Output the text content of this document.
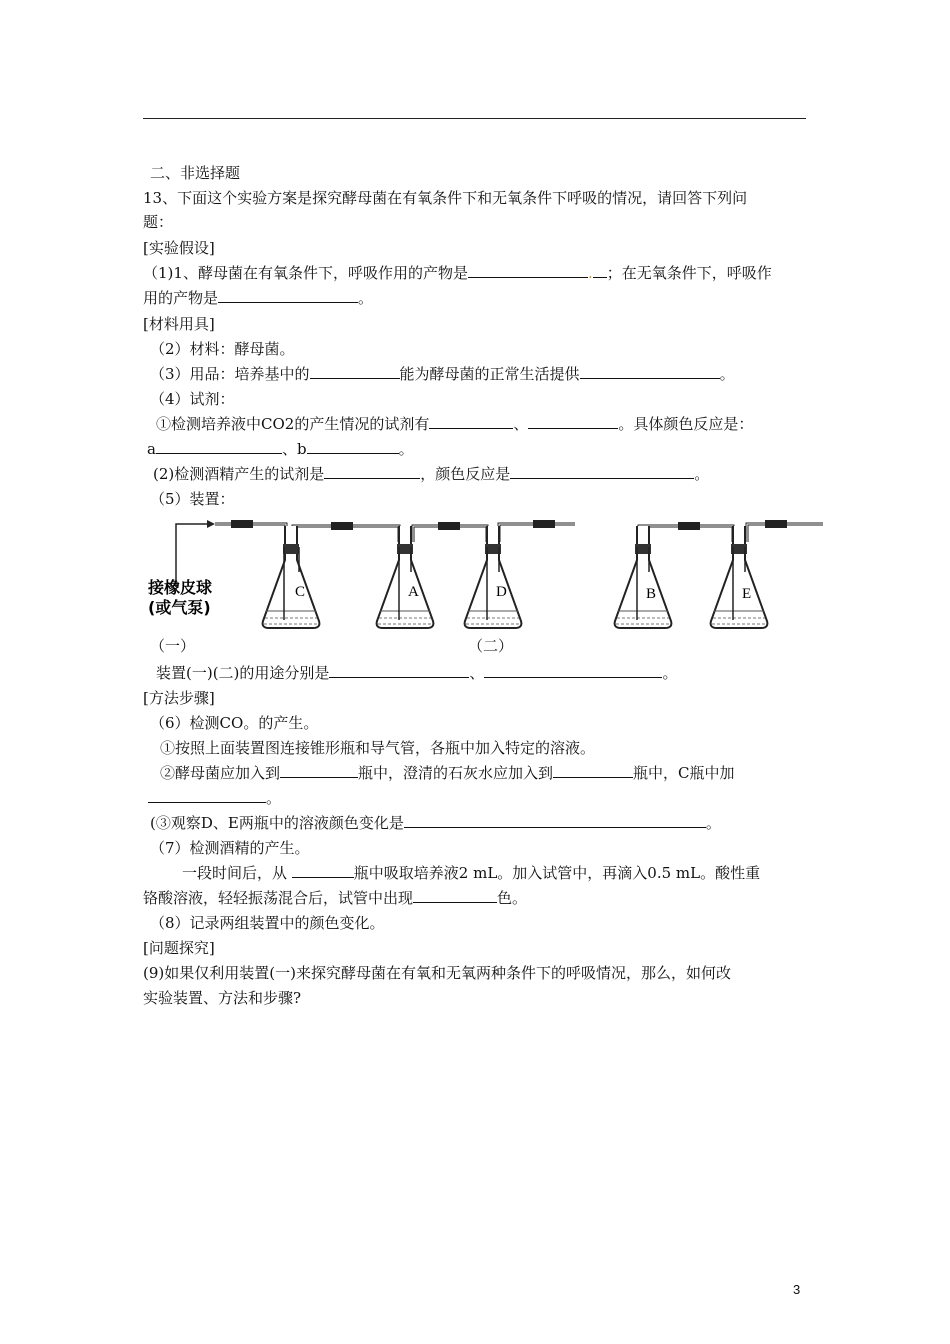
二、非选择题
13、下面这个实验方案是探究酵母菌在有氧条件下和无氧条件下呼吸的情况，请回答下列问
题：
[实验假设]
（1)1、酵母菌在有氧条件下，呼吸作用的产物是	. ；在无氧条件下，呼吸作
用的产物是	。
[材料用具]
（2）材料：酵母菌。
（3）用品：培养基中的	能为酵母菌的正常生活提供	。
（4）试剂：
①检测培养液中CO2的产生情况的试剂有	、	。具体颜色反应是：
a	、b	。
(2)检测酒精产生的试剂是	，颜色反应是	。
（5）装置：
C	A	D	B	E
接橡皮球
(或气泵)
（一）	（二）
装置(一)(二)的用途分别是	、	。
[方法步骤]
（6）检测CO。的产生。
①按照上面装置图连接锥形瓶和导气管，各瓶中加入特定的溶液。
②酵母菌应加入到	瓶中，澄清的石灰水应加入到	瓶中，C瓶中加
。
(③观察D、E两瓶中的溶液颜色变化是	。
（7）检测酒精的产生。
一段时间后，从	瓶中吸取培养液2 mL。加入试管中，再滴入0.5 mL。酸性重
铬酸溶液，轻轻振荡混合后，试管中出现	色。
（8）记录两组装置中的颜色变化。
[问题探究]
(9)如果仅利用装置(一)来探究酵母菌在有氧和无氧两种条件下的呼吸情况，那么，如何改
实验装置、方法和步骤?
3
